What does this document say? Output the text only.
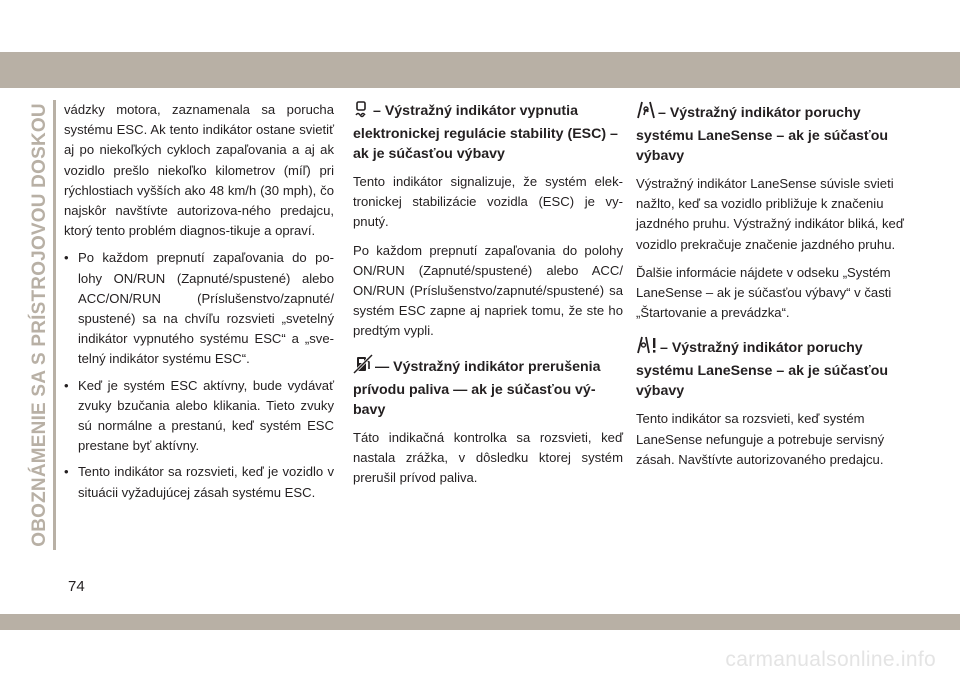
OBOZNÁMENIE SA S PRÍSTROJOVOU DOSKOU vádzky motora, zaznamenala sa porucha systému ESC. Ak tento indikátor ostane svietiť aj po niekoľkých cykloch zapaľovania a aj ak vozidlo prešlo niekoľko kilometrov (míľ) pri rýchlostiach vyšších ako 48 km/h (30 mph), čo najskôr navštívte autorizova-ného predajcu, ktorý tento problém diagnos-tikuje a opraví.

• Po každom prepnutí zapaľovania do po-lohy ON/RUN (Zapnuté/spustené) alebo ACC/ON/RUN (Príslušenstvo/zapnuté/ spustené) sa na chvíľu rozsvieti „svetelný indikátor vypnutého systému ESC“ a „sve-telný indikátor systému ESC“.
• Keď je systém ESC aktívny, bude vydávať zvuky bzučania alebo klikania. Tieto zvuky sú normálne a prestanú, keď systém ESC prestane byť aktívny.
• Tento indikátor sa rozsvieti, keď je vozidlo v situácii vyžadujúcej zásah systému ESC.
– Výstražný indikátor vypnutia elektronickej regulácie stability (ESC) – ak je súčasťou výbavy

Tento indikátor signalizuje, že systém elek-tronickej stabilizácie vozidla (ESC) je vy-pnutý.

Po každom prepnutí zapaľovania do polohy ON/RUN (Zapnuté/spustené) alebo ACC/ ON/RUN (Príslušenstvo/zapnuté/spustené) sa systém ESC zapne aj napriek tomu, že ste ho predtým vypli.

— Výstražný indikátor prerušenia prívodu paliva — ak je súčasťou vý-bavy

Táto indikačná kontrolka sa rozsvieti, keď nastala zrážka, v dôsledku ktorej systém prerušil prívod paliva.

– Výstražný indikátor poruchy systému LaneSense – ak je súčasťou výbavy

Výstražný indikátor LaneSense súvisle svieti nažlto, keď sa vozidlo približuje k značeniu jazdného pruhu. Výstražný indikátor bliká, keď vozidlo prekračuje značenie jazdného pruhu.

Ďalšie informácie nájdete v odseku „Systém LaneSense – ak je súčasťou výbavy“ v časti „Štartovanie a prevádzka“.

– Výstražný indikátor poruchy systému LaneSense – ak je súčasťou výbavy

Tento indikátor sa rozsvieti, keď systém LaneSense nefunguje a potrebuje servisný zásah. Navštívte autorizovaného predajcu.

74
carmanualsonline.info
